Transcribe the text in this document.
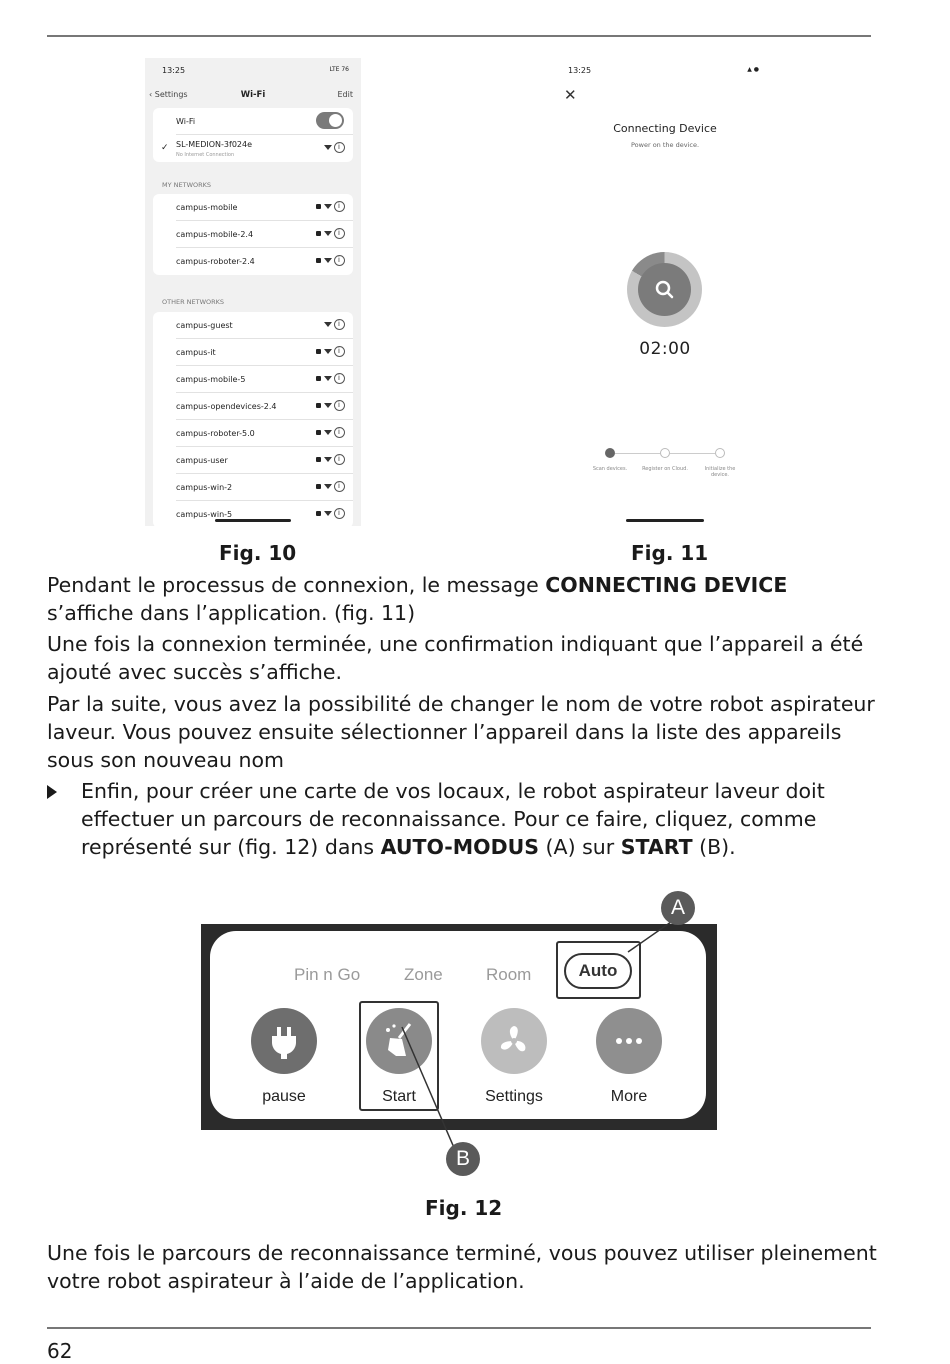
13:25	LTE 76
‹ Settings	Wi-Fi	Edit
Wi-Fi
✓ SL-MEDION-3f024e
No Internet Connection
i
MY NETWORKS
campus-mobile	i
campus-mobile-2.4	i
campus-roboter-2.4	i
OTHER NETWORKS
campus-guest	i
campus-it	i
campus-mobile-5	i
campus-opendevices-2.4	i
campus-roboter-5.0	i
campus-user	i
campus-win-2	i
campus-win-5	i
13:25	▲ ●
✕
Connecting Device
Power on the device.
02:00
Scan devices.	Register on Cloud.	Initialize the device.
Fig. 10	Fig. 11
Pendant le processus de connexion, le message CONNECTING DEVICE s’affiche dans l’application. (fig. 11)
Une fois la connexion terminée, une confirmation indiquant que l’appareil a été ajouté avec succès s’affiche.
Par la suite, vous avez la possibilité de changer le nom de votre robot aspirateur laveur. Vous pouvez ensuite sélectionner l’appareil dans la liste des appareils sous son nouveau nom
Enfin, pour créer une carte de vos locaux, le robot aspirateur laveur doit effectuer un parcours de reconnaissance. Pour ce faire, cliquez, comme représenté sur (fig. 12) dans AUTO-MODUS (A) sur START (B).
Pin n Go	Zone	Room	Auto
pause	Start	Settings	More
A
B
Fig. 12
Une fois le parcours de reconnaissance terminé, vous pouvez utiliser pleinement votre robot aspirateur à l’aide de l’application.
62
